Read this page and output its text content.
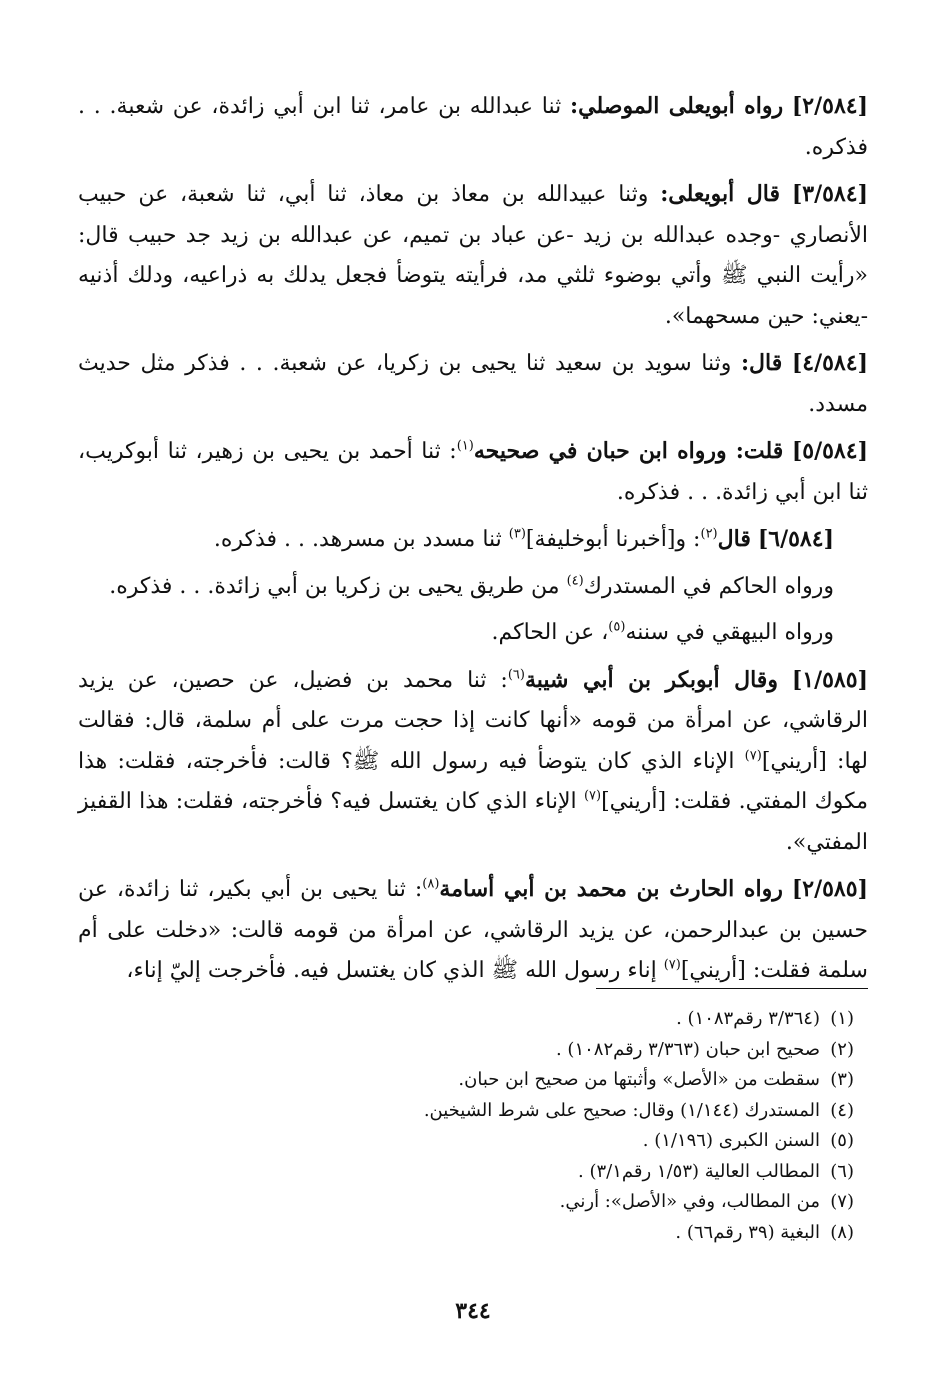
[٢/٥٨٤] رواه أبويعلى الموصلي: ثنا عبدالله بن عامر، ثنا ابن أبي زائدة، عن شعبة. . . فذكره.

[٣/٥٨٤] قال أبويعلى: وثنا عبيدالله بن معاذ بن معاذ، ثنا أبي، ثنا شعبة، عن حبيب الأنصاري -وجده عبدالله بن زيد -عن عباد بن تميم، عن عبدالله بن زيد جد حبيب قال: «رأيت النبي ﷺ وأتي بوضوء ثلثي مد، فرأيته يتوضأ فجعل يدلك به ذراعيه، ودلك أذنيه -يعني: حين مسحهما».

[٤/٥٨٤] قال: وثنا سويد بن سعيد ثنا يحيى بن زكريا، عن شعبة. . . فذكر مثل حديث مسدد.

[٥/٥٨٤] قلت: ورواه ابن حبان في صحيحه$^{(١)}$: ثنا أحمد بن يحيى بن زهير، ثنا أبوكريب، ثنا ابن أبي زائدة. . . فذكره.

[٦/٥٨٤] قال$^{(٢)}$: و[أخبرنا أبوخليفة]$^{(٣)}$ ثنا مسدد بن مسرهد. . . فذكره.

ورواه الحاكم في المستدرك$^{(٤)}$ من طريق يحيى بن زكريا بن أبي زائدة. . . فذكره.

ورواه البيهقي في سننه$^{(٥)}$، عن الحاكم.

[١/٥٨٥] وقال أبوبكر بن أبي شيبة$^{(٦)}$: ثنا محمد بن فضيل، عن حصين، عن يزيد الرقاشي، عن امرأة من قومه «أنها كانت إذا حجت مرت على أم سلمة، قال: فقالت لها: [أريني]$^{(٧)}$ الإناء الذي كان يتوضأ فيه رسول الله ﷺ؟ قالت: فأخرجته، فقلت: هذا مكوك المفتي. فقلت: [أريني]$^{(٧)}$ الإناء الذي كان يغتسل فيه؟ فأخرجته، فقلت: هذا القفيز المفتي».

[٢/٥٨٥] رواه الحارث بن محمد بن أبي أسامة$^{(٨)}$: ثنا يحيى بن أبي بكير، ثنا زائدة، عن حسين بن عبدالرحمن، عن يزيد الرقاشي، عن امرأة من قومه قالت: «دخلت على أم سلمة فقلت: [أريني]$^{(٧)}$ إناء رسول الله ﷺ الذي كان يغتسل فيه. فأخرجت إليّ إناء،

(١)(٣/٣٦٤ رقم١٠٨٣) .
(٢)صحيح ابن حبان (٣/٣٦٣ رقم١٠٨٢) .
(٣)سقطت من «الأصل» وأثبتها من صحيح ابن حبان.
(٤)المستدرك (١/١٤٤) وقال: صحيح على شرط الشيخين.
(٥)السنن الكبرى (١/١٩٦) .
(٦)المطالب العالية (١/٥٣ رقم٣/١) .
(٧)من المطالب، وفي «الأصل»: أرني.
(٨)البغية (٣٩ رقم٦٦) .
٣٤٤
